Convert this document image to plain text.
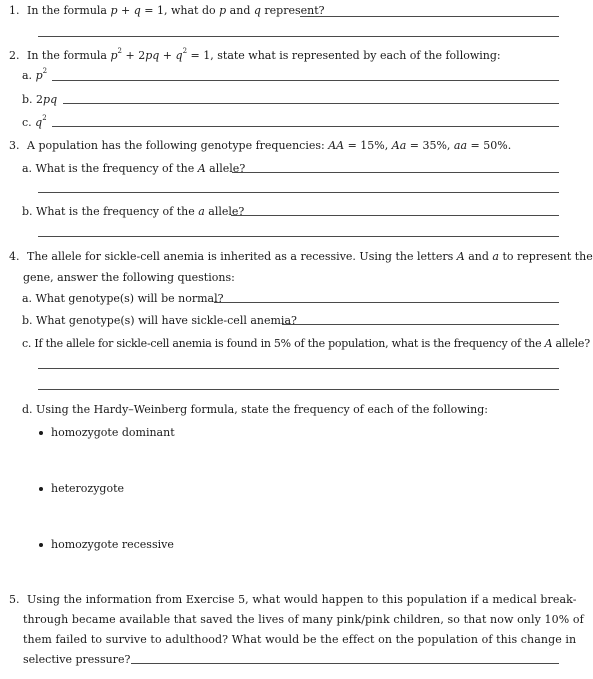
1. In the formula p + q = 1, what do p and q represent?
2. In the formula $p^2 + 2pq + q^2 = 1$, state what is represented by each of the following:
a. $p^2$
b. 2pq
c. $q^2$
3. A population has the following genotype frequencies: AA = 15%, Aa = 35%, aa = 50%.
a. What is the frequency of the A allele?
b. What is the frequency of the a allele?
4. The allele for sickle-cell anemia is inherited as a recessive. Using the letters A and a to represent the
gene, answer the following questions:
a. What genotype(s) will be normal?
b. What genotype(s) will have sickle-cell anemia?
c. If the allele for sickle-cell anemia is found in 5% of the population, what is the frequency of the A allele?
d. Using the Hardy–Weinberg formula, state the frequency of each of the following:
homozygote dominant
heterozygote
homozygote recessive
5. Using the information from Exercise 5, what would happen to this population if a medical break-
through became available that saved the lives of many pink/pink children, so that now only 10% of
them failed to survive to adulthood? What would be the effect on the population of this change in
selective pressure?
